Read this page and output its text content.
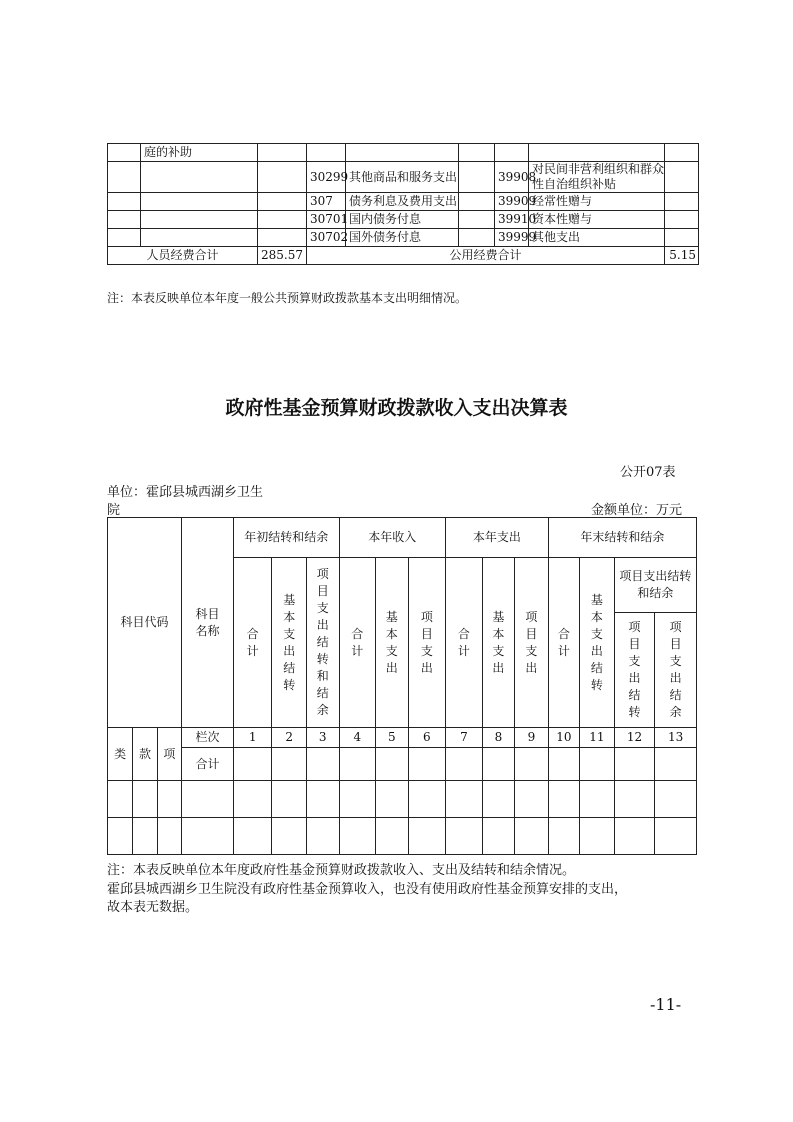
	庭的补助							
			30299	其他商品和服务支出		39908	对民间非营利组织和群众性自治组织补贴	
			307	债务利息及费用支出		39909	经常性赠与	
			30701	国内债务付息		39910	资本性赠与	
			30702	国外债务付息		39999	其他支出	
人员经费合计		285.57	公用经费合计					5.15
注：本表反映单位本年度一般公共预算财政拨款基本支出明细情况。
政府性基金预算财政拨款收入支出决算表
公开07表
单位：霍邱县城西湖乡卫生
院	金额单位：万元
科目代码			科目名称	年初结转和结余			本年收入			本年支出			年末结转和结余			
				合计	基本支出结转	项目支出结转和结余	合计	基本支出	项目支出	合计	基本支出	项目支出	合计	基本支出结转	项目支出结转和结余	
															项目支出结转	项目支出结余
类	款	项	栏次	1	2	3	4	5	6	7	8	9	10	11	12	13
			合计													

注：本表反映单位本年度政府性基金预算财政拨款收入、支出及结转和结余情况。
霍邱县城西湖乡卫生院没有政府性基金预算收入，也没有使用政府性基金预算安排的支出，
故本表无数据。
-11-
